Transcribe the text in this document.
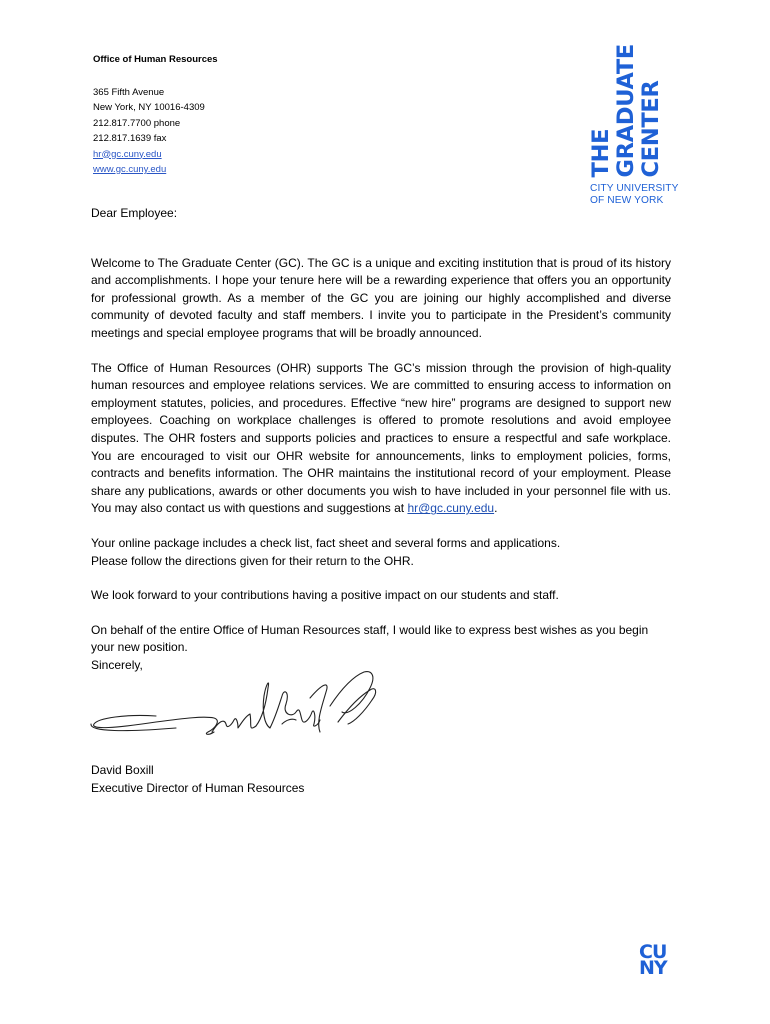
Office of Human Resources
365 Fifth Avenue
New York, NY 10016-4309
212.817.7700 phone
212.817.1639 fax
hr@gc.cuny.edu
www.gc.cuny.edu	THE GRADUATE CENTER
CITY UNIVERSITY
OF NEW YORK

Dear Employee:

Welcome to The Graduate Center (GC). The GC is a unique and exciting institution that is proud of its history and accomplishments. I hope your tenure here will be a rewarding experience that offers you an opportunity for professional growth. As a member of the GC you are joining our highly accomplished and diverse community of devoted faculty and staff members. I invite you to participate in the President’s community meetings and special employee programs that will be broadly announced.

The Office of Human Resources (OHR) supports The GC’s mission through the provision of high-quality human resources and employee relations services. We are committed to ensuring access to information on employment statutes, policies, and procedures. Effective “new hire” programs are designed to support new employees. Coaching on workplace challenges is offered to promote resolutions and avoid employee disputes. The OHR fosters and supports policies and practices to ensure a respectful and safe workplace. You are encouraged to visit our OHR website for announcements, links to employment policies, forms, contracts and benefits information. The OHR maintains the institutional record of your employment. Please share any publications, awards or other documents you wish to have included in your personnel file with us. You may also contact us with questions and suggestions at hr@gc.cuny.edu.

Your online package includes a check list, fact sheet and several forms and applications.
Please follow the directions given for their return to the OHR.

We look forward to your contributions having a positive impact on our students and staff.

On behalf of the entire Office of Human Resources staff, I would like to express best wishes as you begin your new position.

Sincerely,

David Boxill
Executive Director of Human Resources
CU
NY
